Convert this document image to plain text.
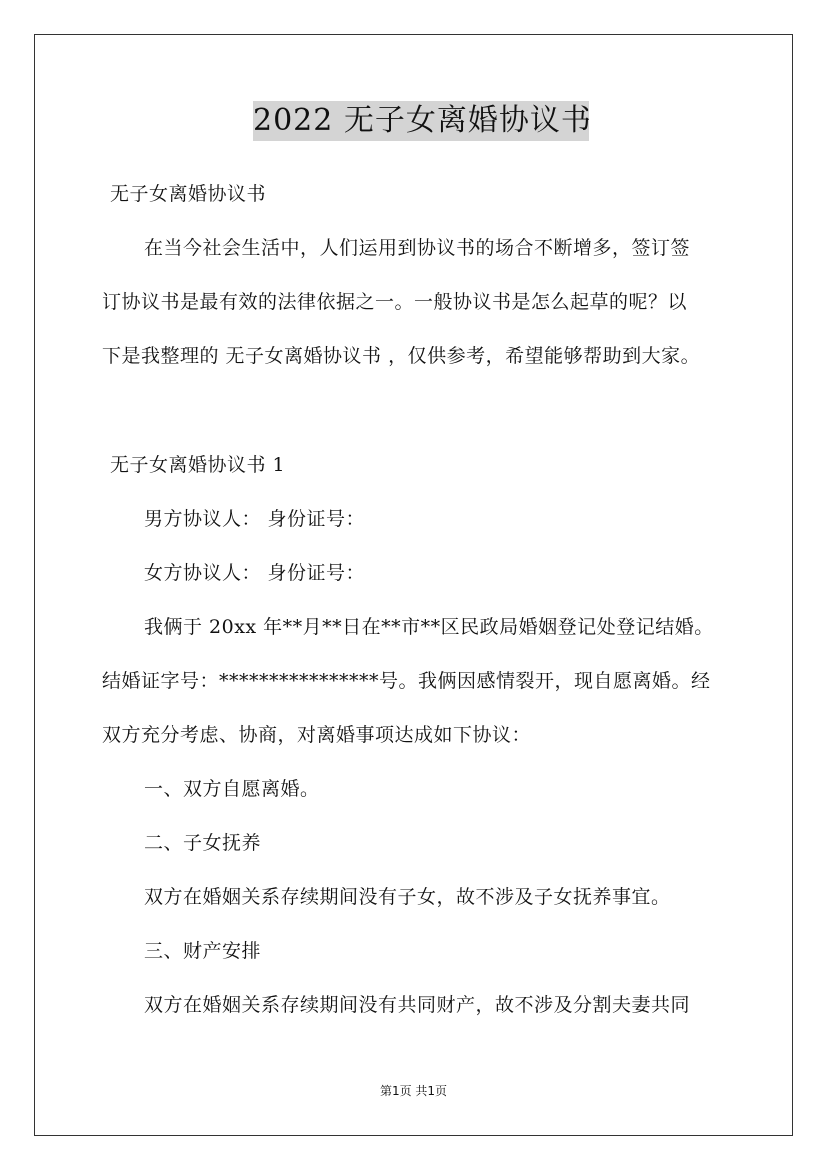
2022 无子女离婚协议书
无子女离婚协议书
在当今社会生活中，人们运用到协议书的场合不断增多，签订签
订协议书是最有效的法律依据之一。一般协议书是怎么起草的呢？以
下是我整理的 无子女离婚协议书 ，仅供参考，希望能够帮助到大家。
无子女离婚协议书 1
男方协议人： 身份证号：
女方协议人： 身份证号：
我俩于 20xx 年**月**日在**市**区民政局婚姻登记处登记结婚。
结婚证字号：****************号。我俩因感情裂开，现自愿离婚。经
双方充分考虑、协商，对离婚事项达成如下协议：
一、双方自愿离婚。
二、子女抚养
双方在婚姻关系存续期间没有子女，故不涉及子女抚养事宜。
三、财产安排
双方在婚姻关系存续期间没有共同财产，故不涉及分割夫妻共同
第1页 共1页
